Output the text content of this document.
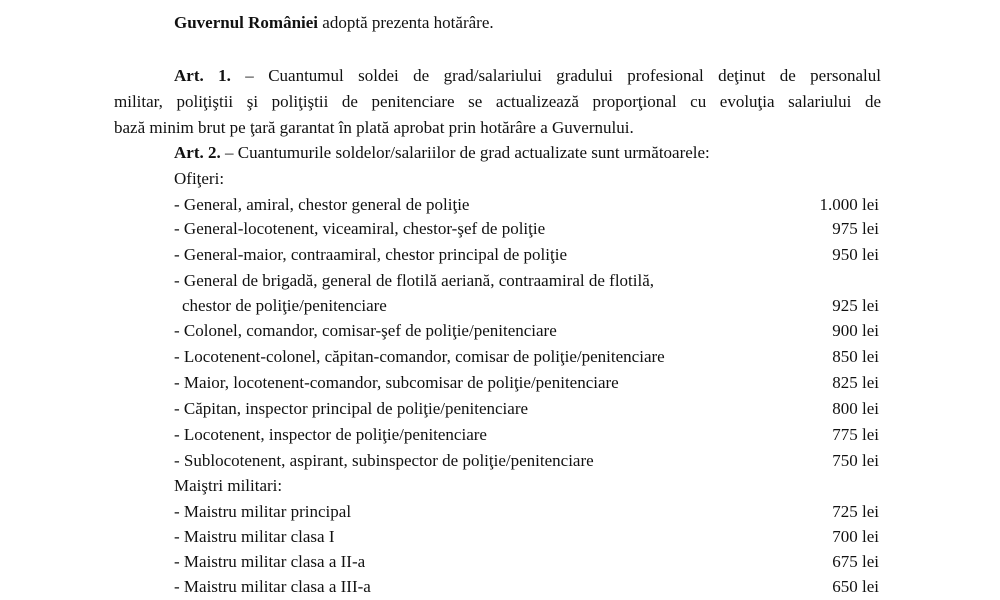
Guvernul României adoptă prezenta hotărâre.
Art. 1. – Cuantumul soldei de grad/salariului gradului profesional deţinut de personalul
militar, poliţiştii şi poliţiştii de penitenciare se actualizează proporţional cu evoluţia salariului de
bază minim brut pe ţară garantat în plată aprobat prin hotărâre a Guvernului.
Art. 2. – Cuantumurile soldelor/salariilor de grad actualizate sunt următoarele:
Ofiţeri:
- General, amiral, chestor general de poliţie	1.000 lei
- General-locotenent, viceamiral, chestor-şef de poliţie	975 lei
- General-maior, contraamiral, chestor principal de poliţie	950 lei
- General de brigadă, general de flotilă aeriană, contraamiral de flotilă,
chestor de poliţie/penitenciare	925 lei
- Colonel, comandor, comisar-şef de poliţie/penitenciare	900 lei
- Locotenent-colonel, căpitan-comandor, comisar de poliţie/penitenciare	850 lei
- Maior, locotenent-comandor, subcomisar de poliţie/penitenciare	825 lei
- Căpitan, inspector principal de poliţie/penitenciare	800 lei
- Locotenent, inspector de poliţie/penitenciare	775 lei
- Sublocotenent, aspirant, subinspector de poliţie/penitenciare	750 lei
Maiştri militari:
- Maistru militar principal	725 lei
- Maistru militar clasa I	700 lei
- Maistru militar clasa a II-a	675 lei
- Maistru militar clasa a III-a	650 lei
